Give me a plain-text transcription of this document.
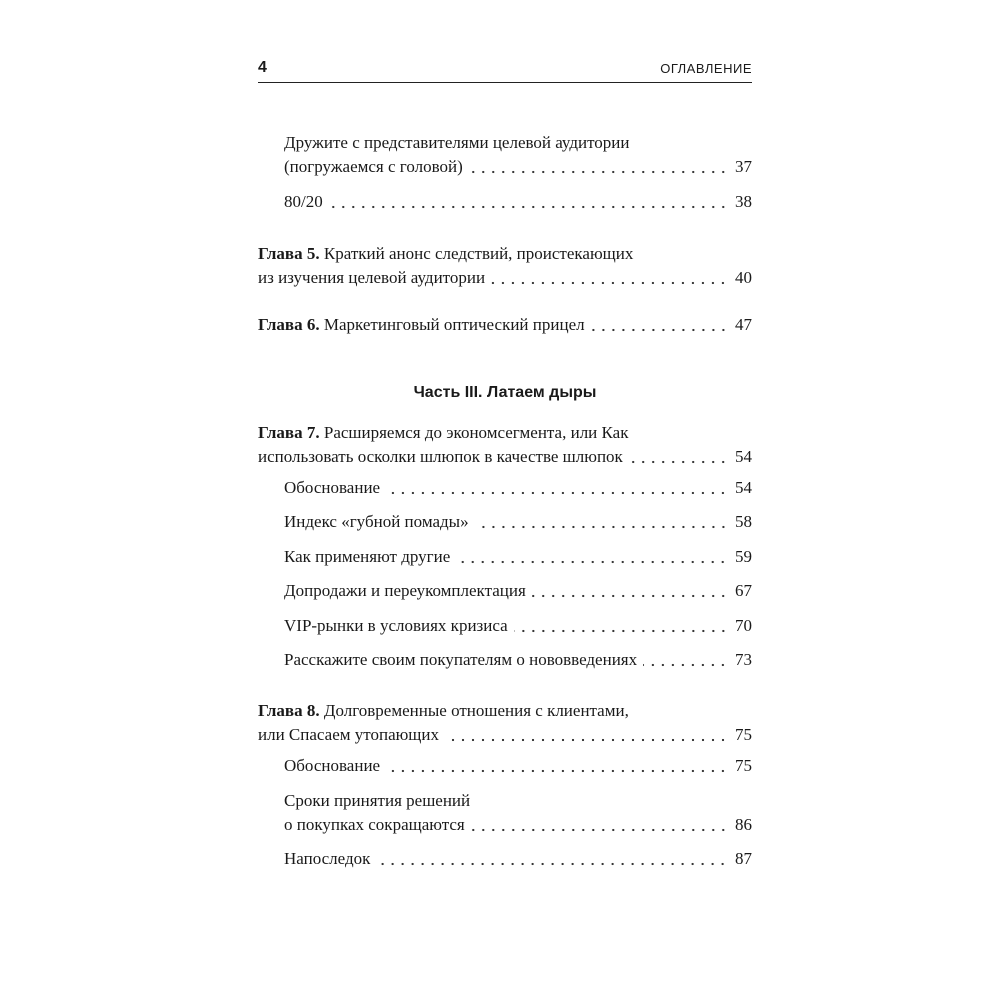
4	ОГЛАВЛЕНИЕ
Дружите с представителями целевой аудитории
(погружаемся с головой)	37
80/20	38
Глава 5.
Краткий анонс следствий, проистекающих
из изучения целевой аудитории	40
Глава 6.
Маркетинговый оптический прицел	47
Глава 7.
Расширяемся до экономсегмента, или Как
использовать осколки шлюпок в качестве шлюпок	54
Обоснование	54
Индекс «губной помады»	58
Как применяют другие	59
Допродажи и переукомплектация	67
VIP-рынки в условиях кризиса	70
Расскажите своим покупателям о нововведениях	73
Глава 8.
Долговременные отношения с клиентами,
или Спасаем утопающих	75
Обоснование	75
Сроки принятия решений
о покупках сокращаются	86
Напоследок	87
Часть III. Латаем дыры
